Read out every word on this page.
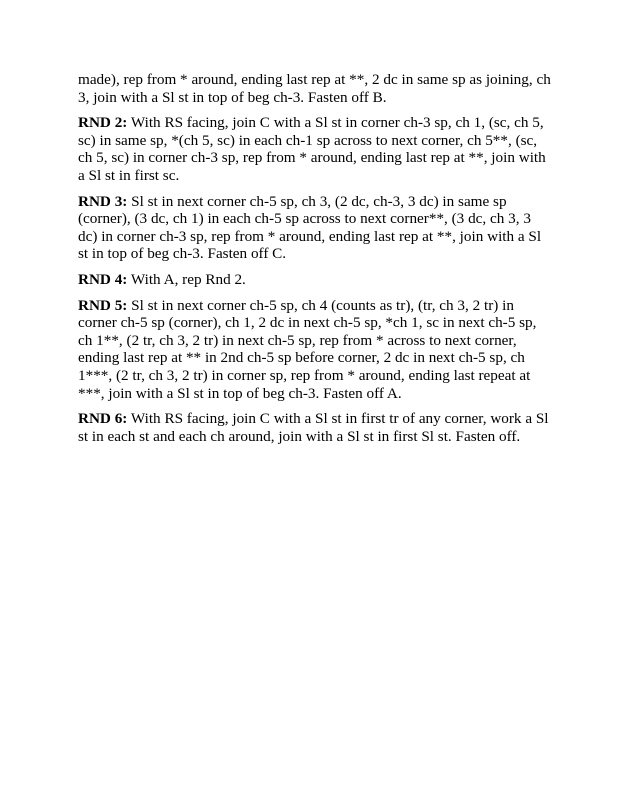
made), rep from * around, ending last rep at **, 2 dc in same sp as joining, ch 3, join with a Sl st in top of beg ch-3. Fasten off B.

RND 2: With RS facing, join C with a Sl st in corner ch-3 sp, ch 1, (sc, ch 5, sc) in same sp, *(ch 5, sc) in each ch-1 sp across to next corner, ch 5**, (sc, ch 5, sc) in corner ch-3 sp, rep from * around, ending last rep at **, join with a Sl st in first sc.

RND 3: Sl st in next corner ch-5 sp, ch 3, (2 dc, ch-3, 3 dc) in same sp (corner), (3 dc, ch 1) in each ch-5 sp across to next corner**, (3 dc, ch 3, 3 dc) in corner ch-3 sp, rep from * around, ending last rep at **, join with a Sl st in top of beg ch-3. Fasten off C.

RND 4: With A, rep Rnd 2.

RND 5: Sl st in next corner ch-5 sp, ch 4 (counts as tr), (tr, ch 3, 2 tr) in corner ch-5 sp (corner), ch 1, 2 dc in next ch-5 sp, *ch 1, sc in next ch-5 sp, ch 1**, (2 tr, ch 3, 2 tr) in next ch-5 sp, rep from * across to next corner, ending last rep at ** in 2nd ch-5 sp before corner, 2 dc in next ch-5 sp, ch 1***, (2 tr, ch 3, 2 tr) in corner sp, rep from * around, ending last repeat at ***, join with a Sl st in top of beg ch-3. Fasten off A.

RND 6: With RS facing, join C with a Sl st in first tr of any corner, work a Sl st in each st and each ch around, join with a Sl st in first Sl st. Fasten off.
